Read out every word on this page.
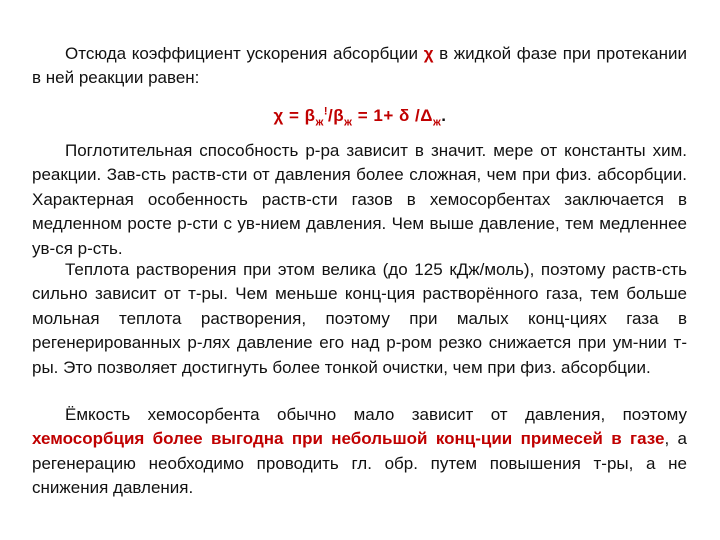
Отсюда коэффициент ускорения абсорбции χ в жидкой фазе при протекании в ней реакции равен:
$\chi = \beta_ж^!/\beta_ж = 1+ \delta$ $/\Delta_ж$.
Поглотительная способность р-ра зависит в значит. мере от константы хим. реакции. Зав-сть раств-сти от давления более сложная, чем при физ. абсорбции. Характерная особенность раств-сти газов в хемосорбентах заключается в медленном росте р-сти с ув-нием давления. Чем выше давление, тем медленнее ув-ся р-сть.
Теплота растворения при этом велика (до 125 кДж/моль), поэтому раств-сть сильно зависит от т-ры. Чем меньше конц-ция растворённого газа, тем больше мольная теплота растворения, поэтому при малых конц-циях газа в регенерированных р-лях давление его над р-ром резко снижается при ум-нии т-ры. Это позволяет достигнуть более тонкой очистки, чем при физ. абсорбции.
Ёмкость хемосорбента обычно мало зависит от давления, поэтому хемосорбция более выгодна при небольшой конц-ции примесей в газе, а регенерацию необходимо проводить гл. обр. путем повышения т-ры, а не снижения давления.
